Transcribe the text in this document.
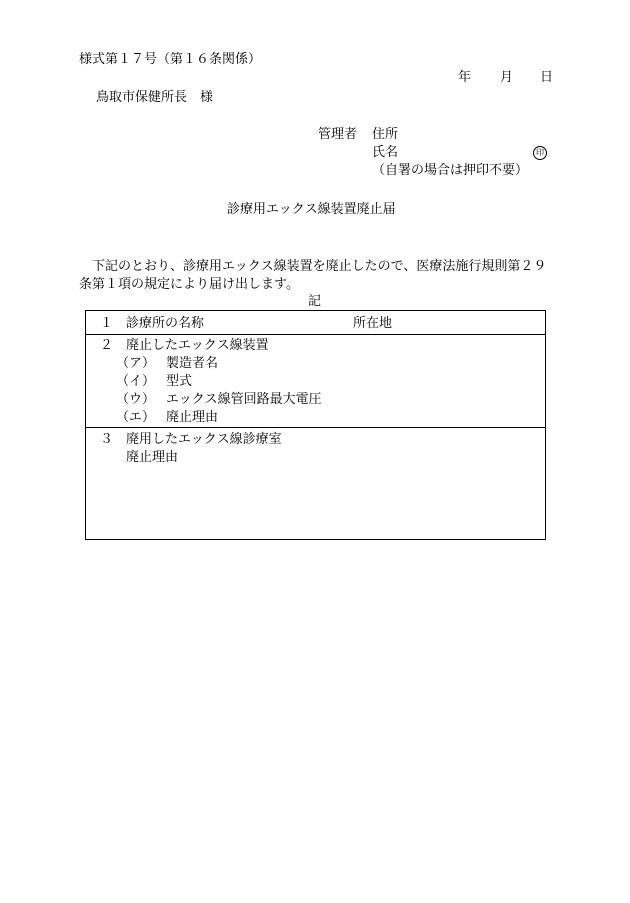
様式第１７号（第１６条関係）
年 月 日
鳥取市保健所長　様
管理者 住所
氏名	印
（自署の場合は押印不要）
診療用エックス線装置廃止届
下記のとおり、診療用エックス線装置を廃止したので、医療法施行規則第２９条第１項の規定により届け出します。
記
１ 診療所の名称	所在地
２ 廃止したエックス線装置
（ア） 製造者名
（イ） 型式
（ウ） エックス線管回路最大電圧
（エ） 廃止理由
３ 廃用したエックス線診療室
廃止理由
